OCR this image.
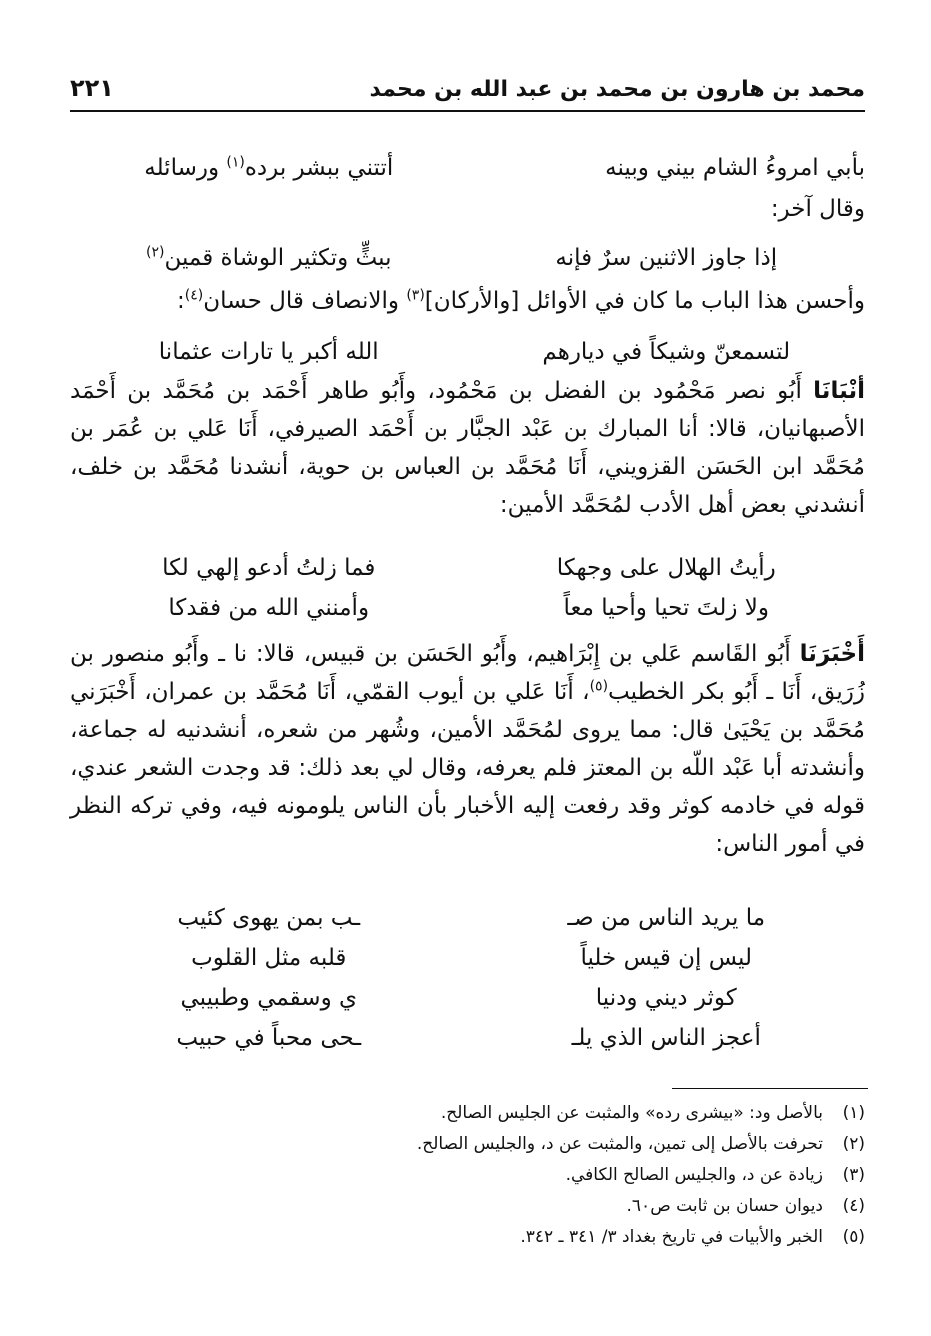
محمد بن هارون بن محمد بن عبد الله بن محمد
٢٢١
بأبي امروءُ الشام بيني وبينه
أتتني ببشر برده$^{(١)}$ ورسائله
وقال آخر:
إذا جاوز الاثنين سرٌ فإنه
ببثٍّ وتكثير الوشاة قمين$^{(٢)}$
وأحسن هذا الباب ما كان في الأوائل [والأركان]$^{(٣)}$ والانصاف قال حسان$^{(٤)}$:
لتسمعنّ وشيكاً في ديارهم
الله أكبر يا تارات عثمانا
أنْبَانَا أَبُو نصر مَحْمُود بن الفضل بن مَحْمُود، وأَبُو طاهر أَحْمَد بن مُحَمَّد بن أَحْمَد الأصبهانيان، قالا: أنا المبارك بن عَبْد الجبَّار بن أَحْمَد الصيرفي، أَنَا عَلي بن عُمَر بن مُحَمَّد ابن الحَسَن القزويني، أَنَا مُحَمَّد بن العباس بن حوية، أنشدنا مُحَمَّد بن خلف، أنشدني بعض أهل الأدب لمُحَمَّد الأمين:
رأيتُ الهلال على وجهكا
فما زلتُ أدعو إلهي لكا
ولا زلتَ تحيا وأحيا معاً
وأمنني الله من فقدكا
أَخْبَرَنَا أَبُو القَاسم عَلي بن إِبْرَاهيم، وأَبُو الحَسَن بن قبيس، قالا: نا ـ وأَبُو منصور بن زُرَيق، أَنَا ـ أَبُو بكر الخطيب$^{(٥)}$، أَنَا عَلي بن أيوب القمّي، أَنَا مُحَمَّد بن عمران، أَخْبَرَني مُحَمَّد بن يَحْيَىٰ قال: مما يروى لمُحَمَّد الأمين، وشُهر من شعره، أنشدنيه له جماعة، وأنشدته أبا عَبْد اللّه بن المعتز فلم يعرفه، وقال لي بعد ذلك: قد وجدت الشعر عندي، قوله في خادمه كوثر وقد رفعت إليه الأخبار بأن الناس يلومونه فيه، وفي تركه النظر في أمور الناس:
ما يريد الناس من صـ
ـب بمن يهوى كئيب
ليس إن قيس خلياً
قلبه مثل القلوب
كوثر ديني ودنيا
ي وسقمي وطبيبي
أعجز الناس الذي يلـ
ـحى محباً في حبيب
(١)
بالأصل ود: «بيشرى رده» والمثبت عن الجليس الصالح.
(٢)
تحرفت بالأصل إلى تمين، والمثبت عن د، والجليس الصالح.
(٣)
زيادة عن د، والجليس الصالح الكافي.
(٤)
ديوان حسان بن ثابت ص٦٠.
(٥)
الخبر والأبيات في تاريخ بغداد ٣/ ٣٤١ ـ ٣٤٢.
